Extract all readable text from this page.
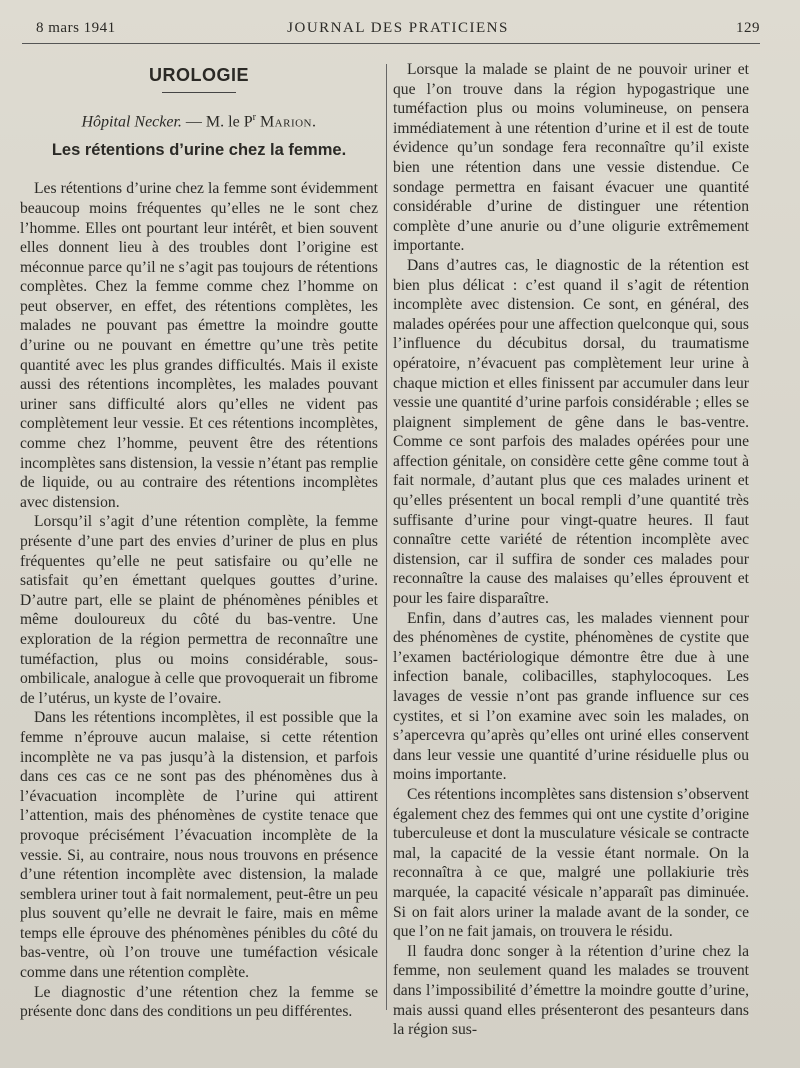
8 mars 1941	JOURNAL DES PRATICIENS	129
UROLOGIE
Hôpital Necker. — M. le $P^r$ Marion.
Les rétentions d’urine chez la femme.

Les rétentions d’urine chez la femme sont évidemment beaucoup moins fréquentes qu’elles ne le sont chez l’homme. Elles ont pourtant leur intérêt, et bien souvent elles donnent lieu à des troubles dont l’origine est méconnue parce qu’il ne s’agit pas toujours de rétentions complètes. Chez la femme comme chez l’homme on peut observer, en effet, des rétentions complètes, les malades ne pouvant pas émettre la moindre goutte d’urine ou ne pouvant en émettre qu’une très petite quantité avec les plus grandes difficultés. Mais il existe aussi des rétentions incomplètes, les malades pouvant uriner sans difficulté alors qu’elles ne vident pas complètement leur vessie. Et ces rétentions incomplètes, comme chez l’homme, peuvent être des rétentions incomplètes sans distension, la vessie n’étant pas remplie de liquide, ou au contraire des rétentions incomplètes avec distension.

Lorsqu’il s’agit d’une rétention complète, la femme présente d’une part des envies d’uriner de plus en plus fréquentes qu’elle ne peut satisfaire ou qu’elle ne satisfait qu’en émettant quelques gouttes d’urine. D’autre part, elle se plaint de phénomènes pénibles et même douloureux du côté du bas-ventre. Une exploration de la région permettra de reconnaître une tuméfaction, plus ou moins considérable, sous-ombilicale, analogue à celle que provoquerait un fibrome de l’utérus, un kyste de l’ovaire.

Dans les rétentions incomplètes, il est possible que la femme n’éprouve aucun malaise, si cette rétention incomplète ne va pas jusqu’à la distension, et parfois dans ces cas ce ne sont pas des phénomènes dus à l’évacuation incomplète de l’urine qui attirent l’attention, mais des phénomènes de cystite tenace que provoque précisément l’évacuation incomplète de la vessie. Si, au contraire, nous nous trouvons en présence d’une rétention incomplète avec distension, la malade semblera uriner tout à fait normalement, peut-être un peu plus souvent qu’elle ne devrait le faire, mais en même temps elle éprouve des phénomènes pénibles du côté du bas-ventre, où l’on trouve une tuméfaction vésicale comme dans une rétention complète.

Le diagnostic d’une rétention chez la femme se présente donc dans des conditions un peu différentes.

Lorsque la malade se plaint de ne pouvoir uriner et que l’on trouve dans la région hypogastrique une tuméfaction plus ou moins volumineuse, on pensera immédiatement à une rétention d’urine et il est de toute évidence qu’un sondage fera reconnaître qu’il existe bien une rétention dans une vessie distendue. Ce sondage permettra en faisant évacuer une quantité considérable d’urine de distinguer une rétention complète d’une anurie ou d’une oligurie extrêmement importante.

Dans d’autres cas, le diagnostic de la rétention est bien plus délicat : c’est quand il s’agit de rétention incomplète avec distension. Ce sont, en général, des malades opérées pour une affection quelconque qui, sous l’influence du décubitus dorsal, du traumatisme opératoire, n’évacuent pas complètement leur urine à chaque miction et elles finissent par accumuler dans leur vessie une quantité d’urine parfois considérable ; elles se plaignent simplement de gêne dans le bas-ventre. Comme ce sont parfois des malades opérées pour une affection génitale, on considère cette gêne comme tout à fait normale, d’autant plus que ces malades urinent et qu’elles présentent un bocal rempli d’une quantité très suffisante d’urine pour vingt-quatre heures. Il faut connaître cette variété de rétention incomplète avec distension, car il suffira de sonder ces malades pour reconnaître la cause des malaises qu’elles éprouvent et pour les faire disparaître.

Enfin, dans d’autres cas, les malades viennent pour des phénomènes de cystite, phénomènes de cystite que l’examen bactériologique démontre être due à une infection banale, colibacilles, staphylocoques. Les lavages de vessie n’ont pas grande influence sur ces cystites, et si l’on examine avec soin les malades, on s’apercevra qu’après qu’elles ont uriné elles conservent dans leur vessie une quantité d’urine résiduelle plus ou moins importante.

Ces rétentions incomplètes sans distension s’observent également chez des femmes qui ont une cystite d’origine tuberculeuse et dont la musculature vésicale se contracte mal, la capacité de la vessie étant normale. On la reconnaîtra à ce que, malgré une pollakiurie très marquée, la capacité vésicale n’apparaît pas diminuée. Si on fait alors uriner la malade avant de la sonder, ce que l’on ne fait jamais, on trouvera le résidu.

Il faudra donc songer à la rétention d’urine chez la femme, non seulement quand les malades se trouvent dans l’impossibilité d’émettre la moindre goutte d’urine, mais aussi quand elles présenteront des pesanteurs dans la région sus-
